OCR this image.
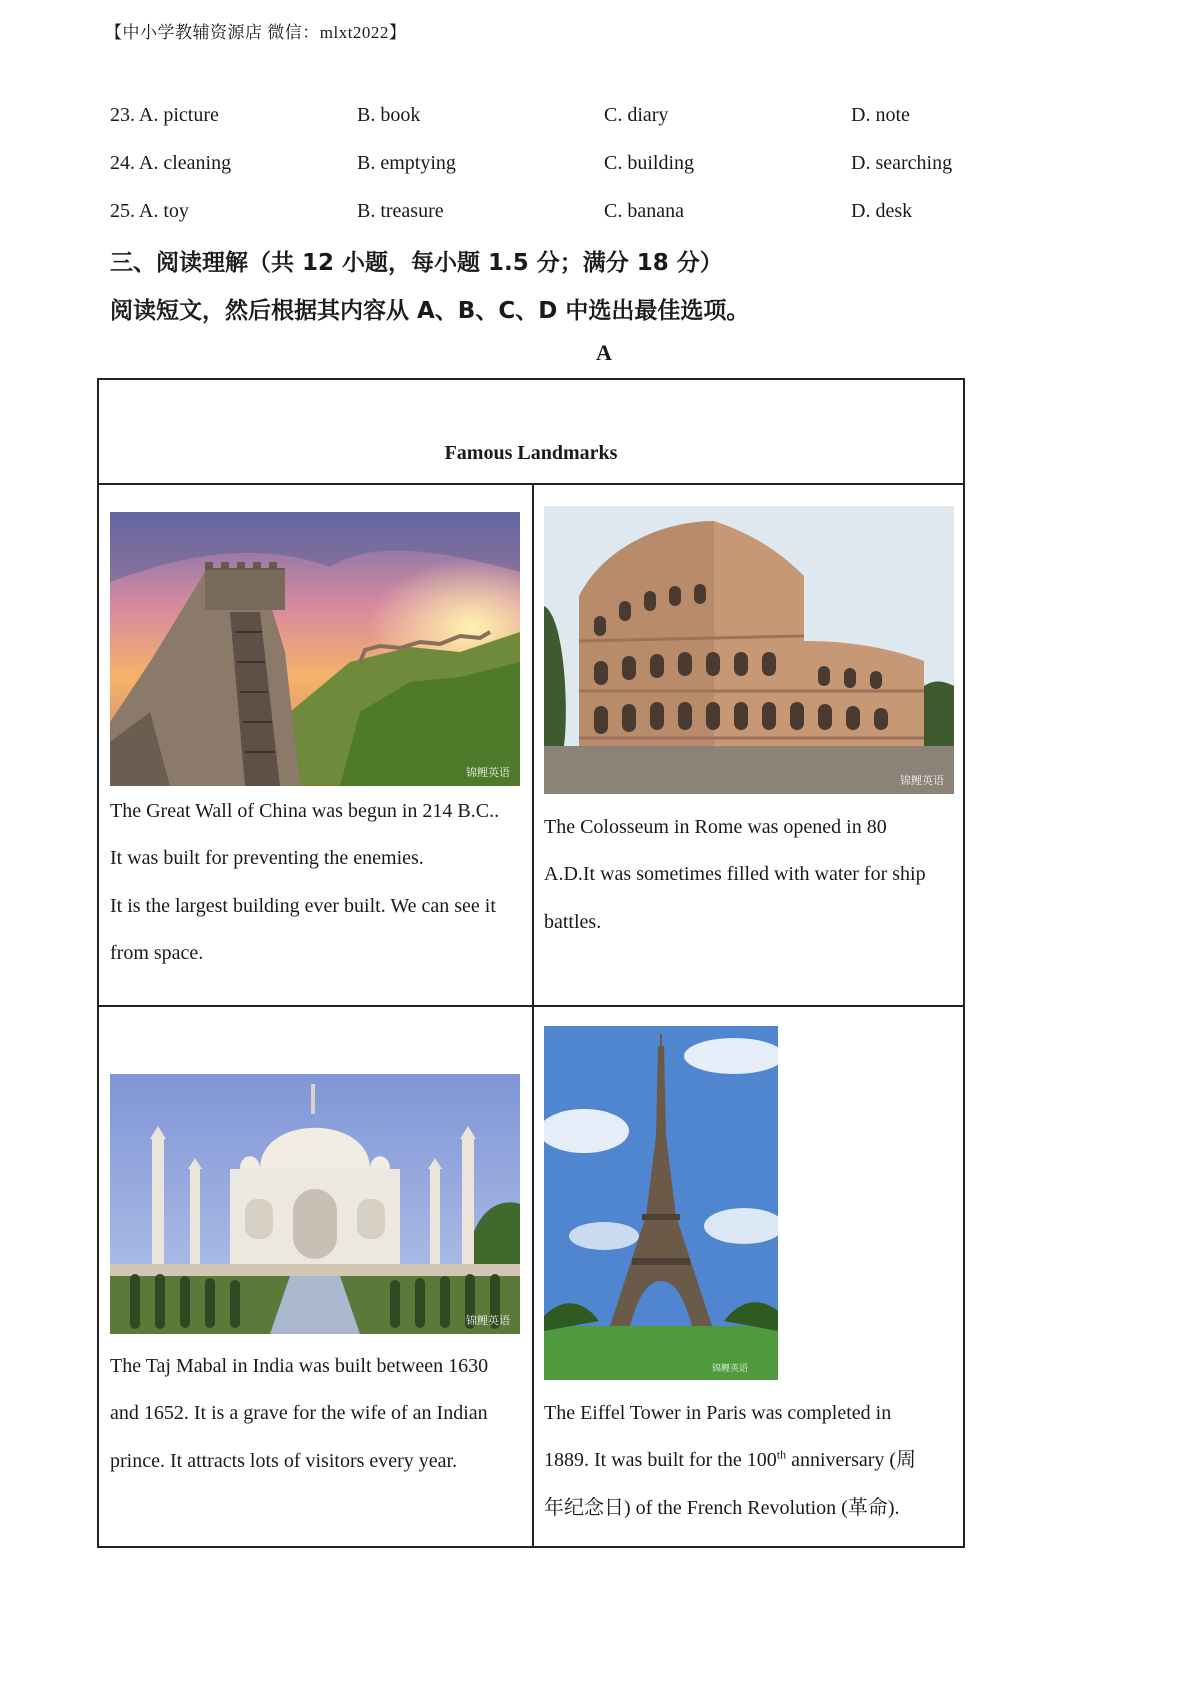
【中小学教辅资源店 微信：mlxt2022】
23. A. picture	B. book	C. diary	D. note
24. A. cleaning	B. emptying	C. building	D. searching
25. A. toy	B. treasure	C. banana	D. desk
三、阅读理解（共 12 小题，每小题 1.5 分；满分 18 分）
阅读短文，然后根据其内容从 A、B、C、D 中选出最佳选项。
A
Famous Landmarks
锦鲤英语
The Great Wall of China was begun in 214 B.C..
It was built for preventing the enemies.
It is the largest building ever built. We can see it
from space.
锦鲤英语
The Colosseum in Rome was opened in 80
A.D.It was sometimes filled with water for ship
battles.
锦鲤英语
The Taj Mabal in India was built between 1630
and 1652. It is a grave for the wife of an Indian
prince. It attracts lots of visitors every year.
锦鲤英语
The Eiffel Tower in Paris was completed in
1889. It was built for the 100th anniversary (周
年纪念日) of the French Revolution (革命).
